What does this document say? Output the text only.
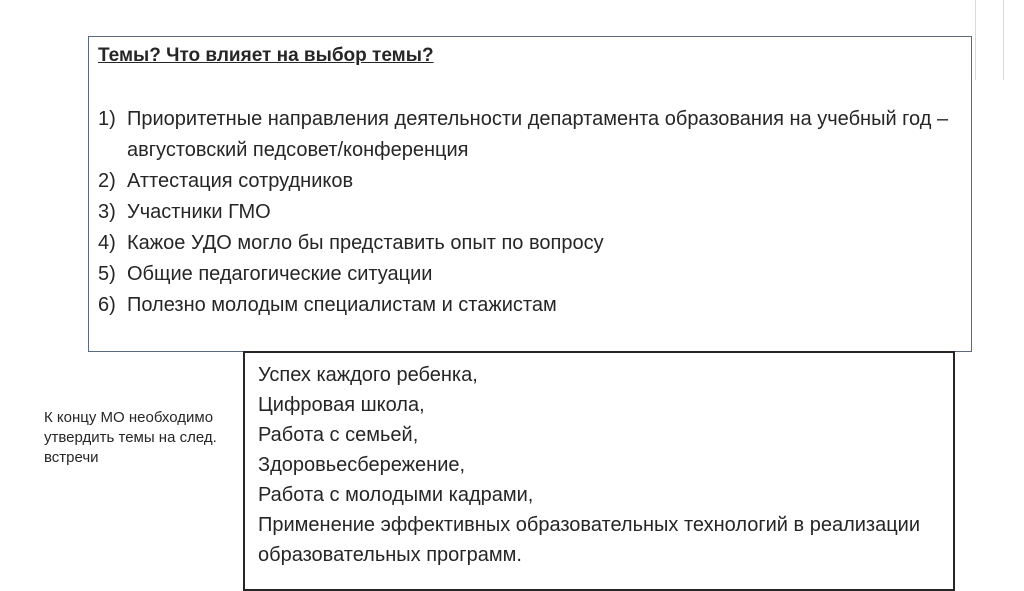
Темы? Что влияет на выбор темы?
1) Приоритетные направления деятельности департамента образования на учебный год – августовский педсовет/конференция
2) Аттестация сотрудников
3) Участники ГМО
4) Кажое УДО могло бы представить опыт по вопросу
5) Общие педагогические ситуации
6) Полезно молодым специалистам и стажистам
Успех каждого ребенка,
Цифровая школа,
Работа с семьей,
Здоровьесбережение,
Работа с молодыми кадрами,
Применение эффективных образовательных технологий в реализации образовательных программ.

К концу МО необходимо утвердить темы на след. встречи
